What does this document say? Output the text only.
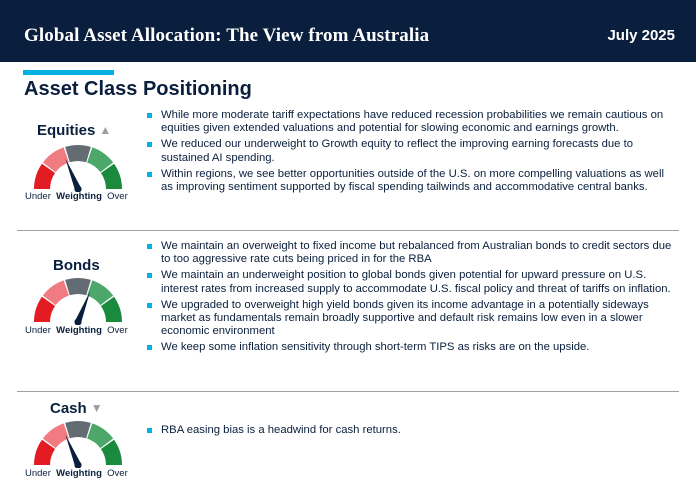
Global Asset Allocation: The View from Australia	July 2025
Asset Class Positioning
Equities ▲
Under Weighting Over
While more moderate tariff expectations have reduced recession probabilities we remain cautious on equities given extended valuations and potential for slowing economic and earnings growth.
We reduced our underweight to Growth equity to reflect the improving earning forecasts due to sustained AI spending.
Within regions, we see better opportunities outside of the U.S. on more compelling valuations as well as improving sentiment supported by fiscal spending tailwinds and accommodative central banks.
Bonds
Under Weighting Over
We maintain an overweight to fixed income but rebalanced from Australian bonds to credit sectors due to too aggressive rate cuts being priced in for the RBA
We maintain an underweight position to global bonds given potential for upward pressure on U.S. interest rates from increased supply to accommodate U.S. fiscal policy and threat of tariffs on inflation.
We upgraded to overweight high yield bonds given its income advantage in a potentially sideways market as fundamentals remain broadly supportive and default risk remains low even in a slower economic environment
We keep some inflation sensitivity through short-term TIPS as risks are on the upside.
Cash ▼
Under Weighting Over
RBA easing bias is a headwind for cash returns.
